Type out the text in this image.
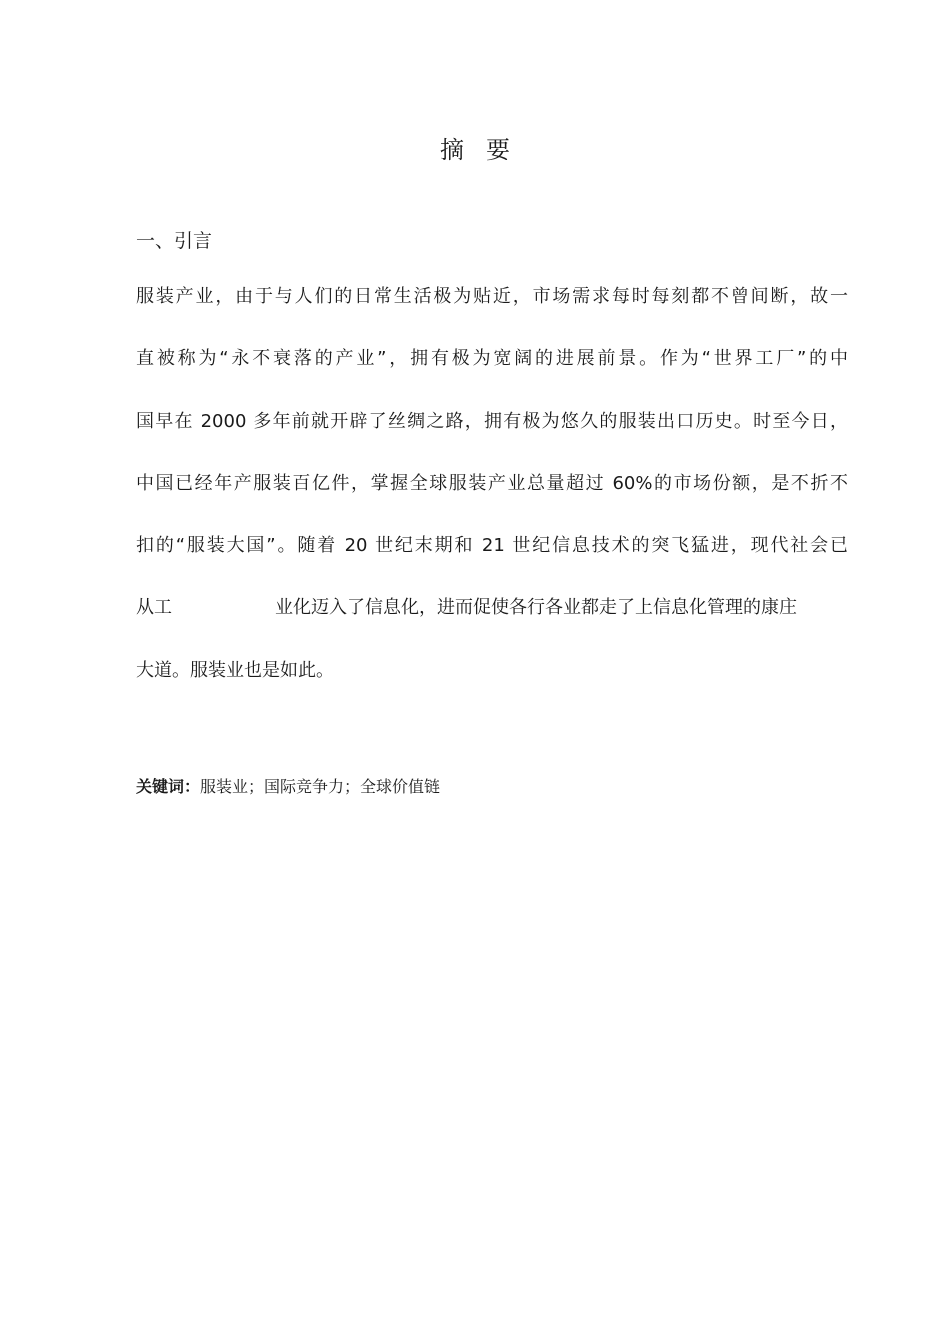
摘 要
一、引言
服装产业，由于与人们的日常生活极为贴近，市场需求每时每刻都不曾间断，故一
直被称为“永不衰落的产业”，拥有极为宽阔的进展前景。作为“世界工厂”的中
国早在 2000 多年前就开辟了丝绸之路，拥有极为悠久的服装出口历史。时至今日，
中国已经年产服装百亿件，掌握全球服装产业总量超过 60%的市场份额，是不折不
扣的“服装大国”。随着 20 世纪末期和 21 世纪信息技术的突飞猛进，现代社会已
从工	业化迈入了信息化，进而促使各行各业都走了上信息化管理的康庄
大道。服装业也是如此。
关键词：服装业；国际竞争力；全球价值链
